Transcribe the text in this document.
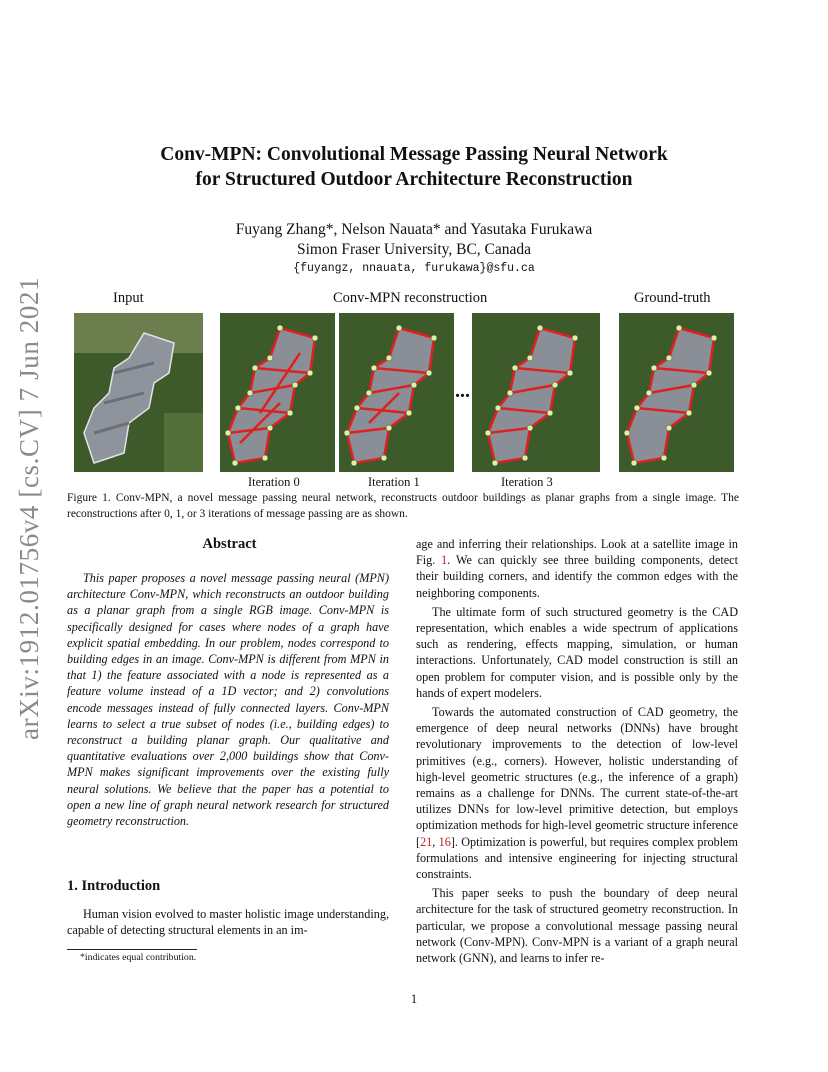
arXiv:1912.01756v4 [cs.CV] 7 Jun 2021
Conv-MPN: Convolutional Message Passing Neural Network
for Structured Outdoor Architecture Reconstruction
Fuyang Zhang*, Nelson Nauata* and Yasutaka Furukawa
Simon Fraser University, BC, Canada
{fuyangz, nnauata, furukawa}@sfu.ca
Input	Conv-MPN reconstruction	Ground-truth
...
Iteration 0	Iteration 1	Iteration 3
Figure 1. Conv-MPN, a novel message passing neural network, reconstructs outdoor buildings as planar graphs from a single image. The reconstructions after 0, 1, or 3 iterations of message passing are as shown.
Abstract

This paper proposes a novel message passing neural (MPN) architecture Conv-MPN, which reconstructs an outdoor building as a planar graph from a single RGB image. Conv-MPN is specifically designed for cases where nodes of a graph have explicit spatial embedding. In our problem, nodes correspond to building edges in an image. Conv-MPN is different from MPN in that 1) the feature associated with a node is represented as a feature volume instead of a 1D vector; and 2) convolutions encode messages instead of fully connected layers. Conv-MPN learns to select a true subset of nodes (i.e., building edges) to reconstruct a building planar graph. Our qualitative and quantitative evaluations over 2,000 buildings show that Conv-MPN makes significant improvements over the existing fully neural solutions. We believe that the paper has a potential to open a new line of graph neural network research for structured geometry reconstruction.

1. Introduction

Human vision evolved to master holistic image understanding, capable of detecting structural elements in an im-

*indicates equal contribution.

age and inferring their relationships. Look at a satellite image in Fig. 1. We can quickly see three building components, detect their building corners, and identify the common edges with the neighboring components.

The ultimate form of such structured geometry is the CAD representation, which enables a wide spectrum of applications such as rendering, effects mapping, simulation, or human interactions. Unfortunately, CAD model construction is still an open problem for computer vision, and is possible only by the hands of expert modelers.

Towards the automated construction of CAD geometry, the emergence of deep neural networks (DNNs) have brought revolutionary improvements to the detection of low-level primitives (e.g., corners). However, holistic understanding of high-level geometric structures (e.g., the inference of a graph) remains as a challenge for DNNs. The current state-of-the-art utilizes DNNs for low-level primitive detection, but employs optimization methods for high-level geometric structure inference [21, 16]. Optimization is powerful, but requires complex problem formulations and intensive engineering for injecting structural constraints.

This paper seeks to push the boundary of deep neural architecture for the task of structured geometry reconstruction. In particular, we propose a convolutional message passing neural network (Conv-MPN). Conv-MPN is a variant of a graph neural network (GNN), and learns to infer re-

1
